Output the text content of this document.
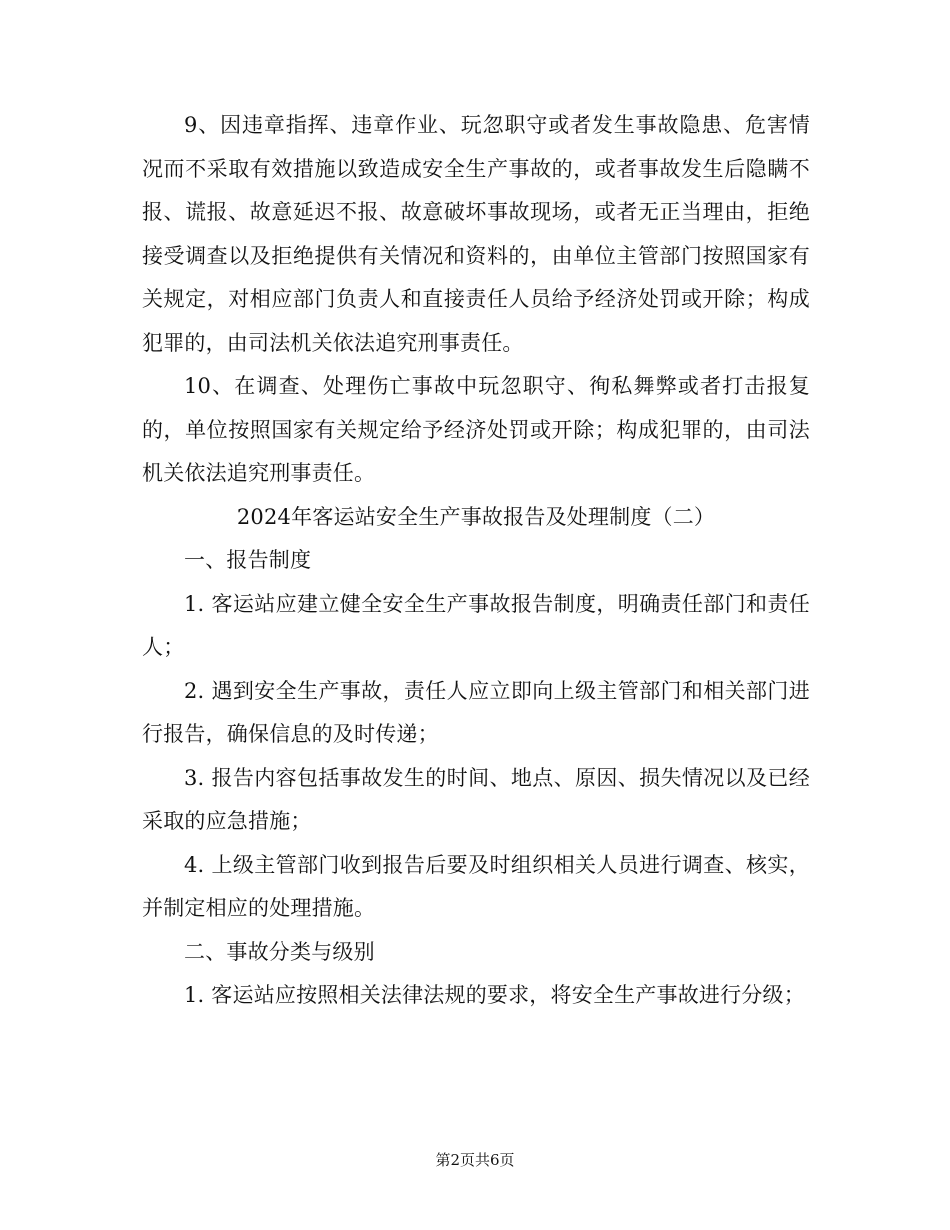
9、因违章指挥、违章作业、玩忽职守或者发生事故隐患、危害情况而不采取有效措施以致造成安全生产事故的，或者事故发生后隐瞒不报、谎报、故意延迟不报、故意破坏事故现场，或者无正当理由，拒绝接受调查以及拒绝提供有关情况和资料的，由单位主管部门按照国家有关规定，对相应部门负责人和直接责任人员给予经济处罚或开除；构成犯罪的，由司法机关依法追究刑事责任。

10、在调查、处理伤亡事故中玩忽职守、徇私舞弊或者打击报复的，单位按照国家有关规定给予经济处罚或开除；构成犯罪的，由司法机关依法追究刑事责任。

2024年客运站安全生产事故报告及处理制度（二）

一、报告制度

1. 客运站应建立健全安全生产事故报告制度，明确责任部门和责任人；

2. 遇到安全生产事故，责任人应立即向上级主管部门和相关部门进行报告，确保信息的及时传递；

3. 报告内容包括事故发生的时间、地点、原因、损失情况以及已经采取的应急措施；

4. 上级主管部门收到报告后要及时组织相关人员进行调查、核实，并制定相应的处理措施。

二、事故分类与级别

1. 客运站应按照相关法律法规的要求，将安全生产事故进行分级；

第2页共6页
